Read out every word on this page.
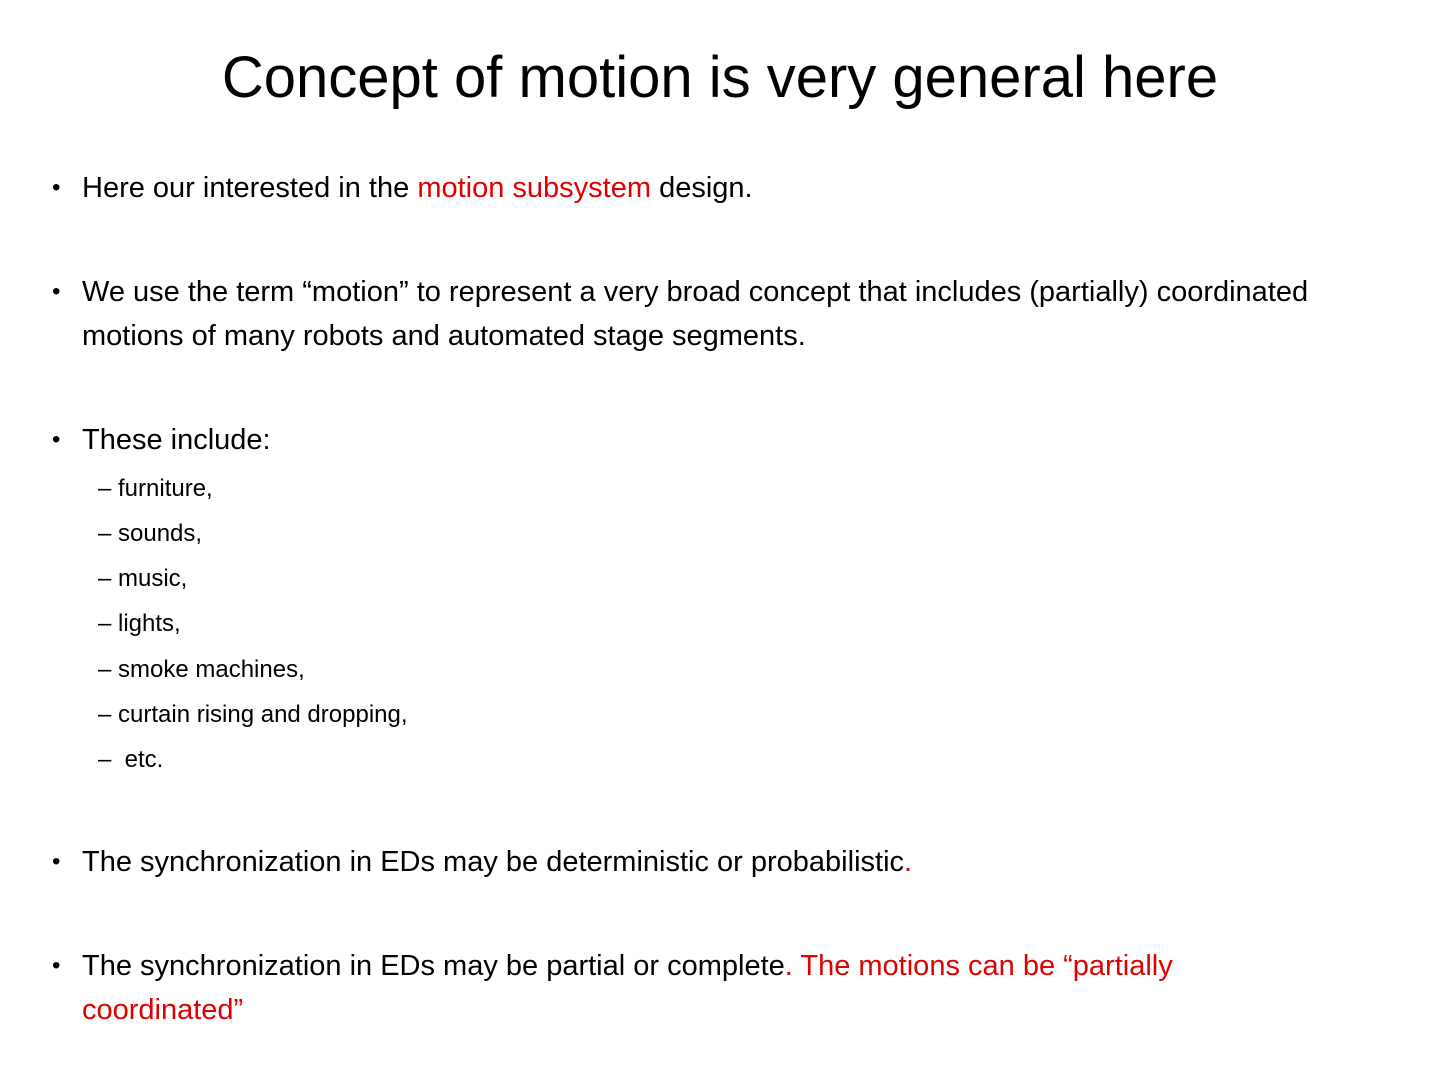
Concept of motion is very general here
• Here our interested in the motion subsystem design.
• We use the term “motion” to represent a very broad concept that includes (partially) coordinated motions of many robots and automated stage segments.
• These include:
– furniture,
– sounds,
– music,
– lights,
– smoke machines,
– curtain rising and dropping,
– etc.
• The synchronization in EDs may be deterministic or probabilistic.
• The synchronization in EDs may be partial or complete. The motions can be “partially coordinated”
